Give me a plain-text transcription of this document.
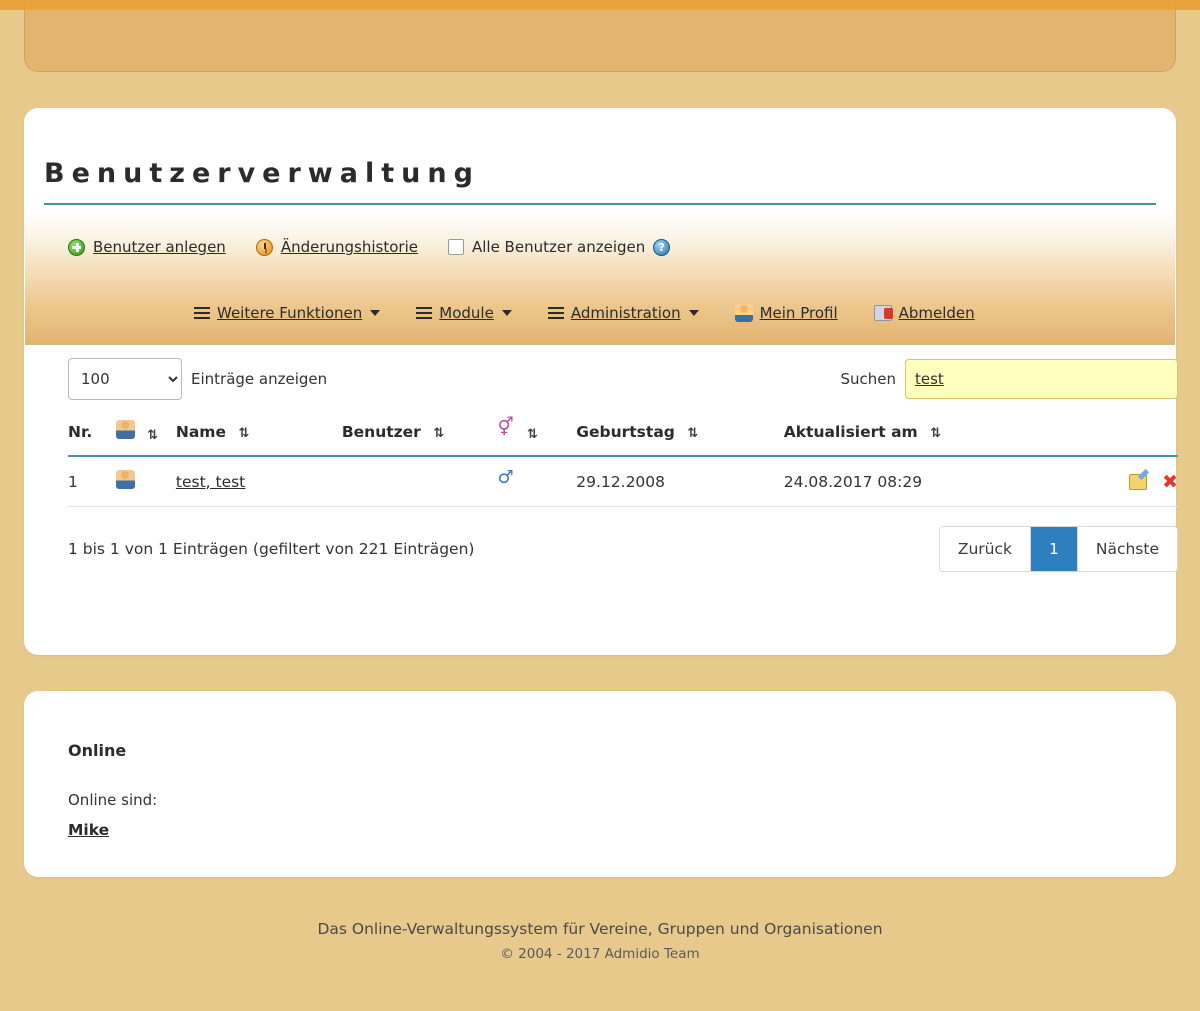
Benutzerverwaltung
Benutzer anlegen	Änderungshistorie	Alle Benutzer anzeigen	?
Weitere Funktionen	Module	Administration	Mein Profil	Abmelden
100
Einträge anzeigen	Suchen
test
Nr.	⇅	Name ⇅	Benutzer ⇅	⚥⇅	Geburtstag ⇅	Aktualisiert am ⇅	
1		test, test		♂	29.12.2008	24.08.2017 08:29	✖
1 bis 1 von 1 Einträgen (gefiltert von 221 Einträgen)	Zurück	1	Nächste
Online
Online sind:
Mike
Das Online-Verwaltungssystem für Vereine, Gruppen und Organisationen
© 2004 - 2017 Admidio Team
